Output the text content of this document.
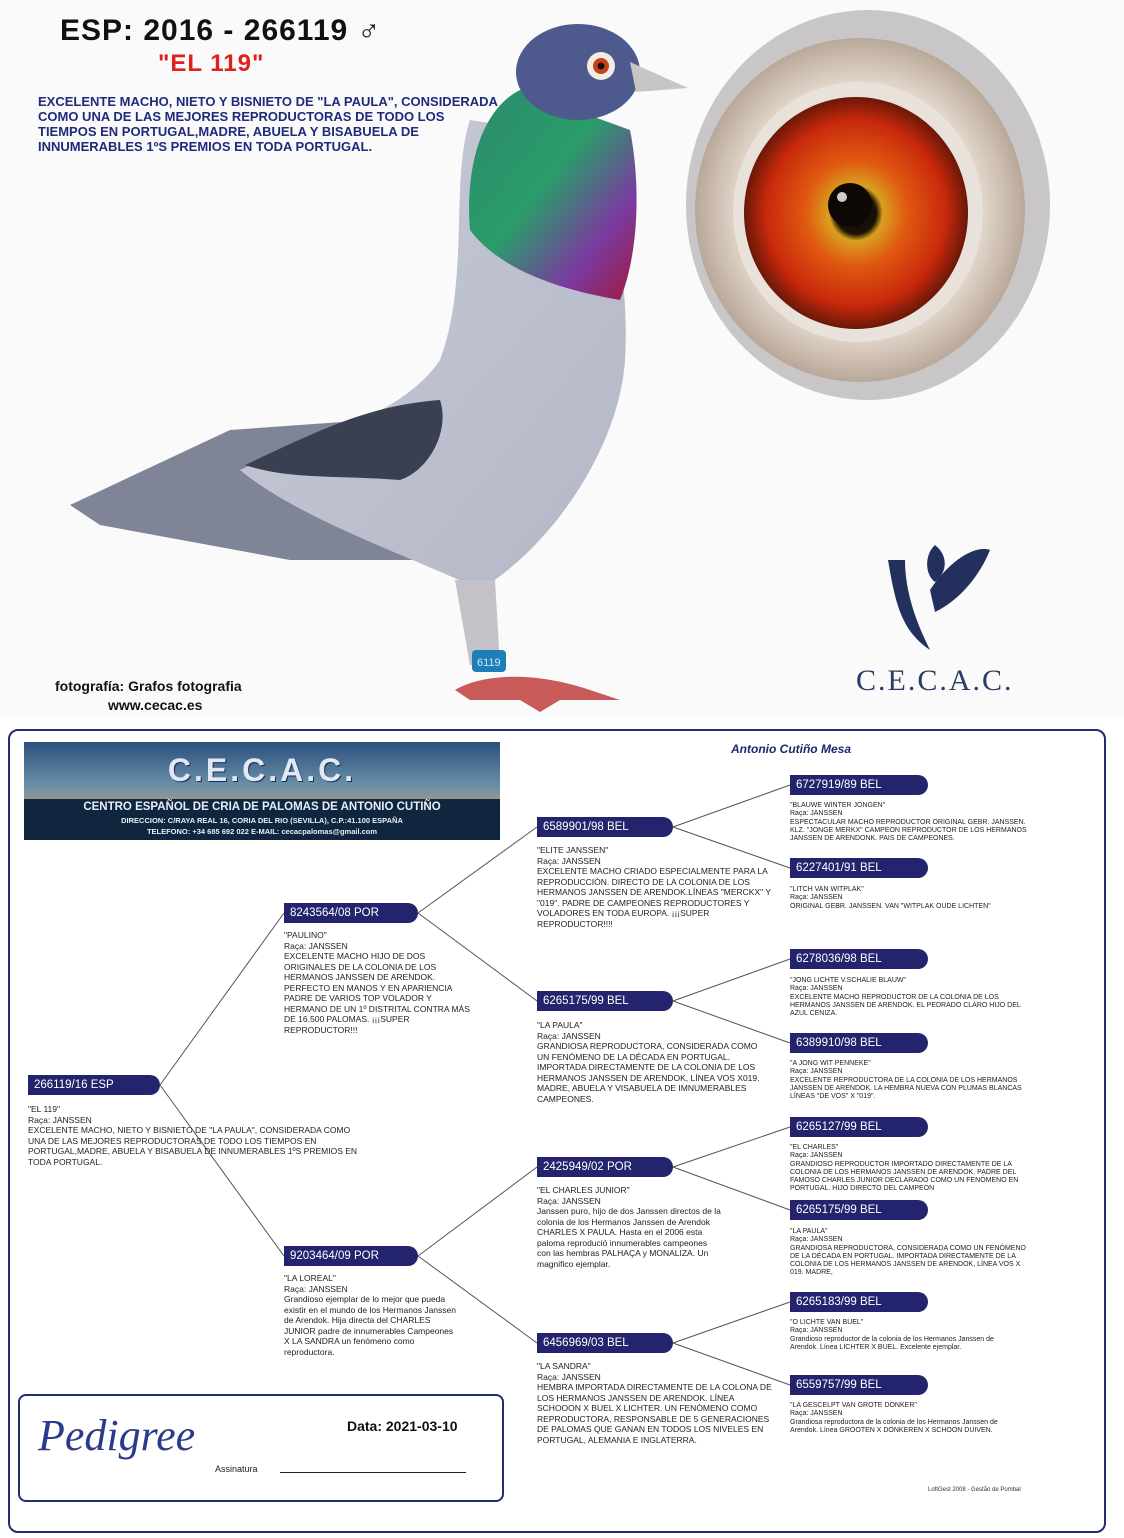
6119
ESP: 2016 - 266119 ♂
"EL 119"
EXCELENTE MACHO, NIETO Y BISNIETO DE "LA PAULA", CONSIDERADA COMO UNA DE LAS MEJORES REPRODUCTORAS DE TODO LOS TIEMPOS EN PORTUGAL,MADRE, ABUELA Y BISABUELA DE INNUMERABLES 1ºS PREMIOS EN TODA PORTUGAL.
fotografía: Grafos fotografia
www.cecac.es
C.E.C.A.C.
C.E.C.A.C.
CENTRO ESPAÑOL DE CRIA DE PALOMAS DE ANTONIO CUTIÑO
DIRECCION: C/RAYA REAL 16, CORIA DEL RIO (SEVILLA), C.P.:41.100 ESPAÑA
TELEFONO: +34 685 692 022 E-MAIL: cecacpalomas@gmail.com
Antonio Cutiño Mesa
266119/16 ESP
"EL 119"
Raça: JANSSEN
EXCELENTE MACHO, NIETO Y BISNIETO DE "LA PAULA", CONSIDERADA COMO UNA DE LAS MEJORES REPRODUCTORAS DE TODO LOS TIEMPOS EN PORTUGAL,MADRE, ABUELA Y BISABUELA DE INNUMERABLES 1ºS PREMIOS EN TODA PORTUGAL.
8243564/08 POR
"PAULINO"
Raça: JANSSEN
EXCELENTE MACHO HIJO DE DOS ORIGINALES DE LA COLONIA DE LOS HERMANOS JANSSEN DE ARENDOK. PERFECTO EN MANOS Y EN APARIENCIA PADRE DE VARIOS TOP VOLADOR Y HERMANO DE UN 1º DISTRITAL CONTRA MÁS DE 16.500 PALOMAS. ¡¡¡SUPER REPRODUCTOR!!!
9203464/09 POR
"LA LOREAL"
Raça: JANSSEN
Grandioso ejemplar de lo mejor que pueda existir en el mundo de los Hermanos Janssen de Arendok. Hija directa del CHARLES JUNIOR padre de innumerables Campeones X LA SANDRA un fenómeno como reproductora.
6589901/98 BEL
"ELITE JANSSEN"
Raça: JANSSEN
EXCELENTE MACHO CRIADO ESPECIALMENTE PARA LA REPRODUCCIÓN. DIRECTO DE LA COLONIA DE LOS HERMANOS JANSSEN DE ARENDOK.LÍNEAS "MERCKX" Y "019". PADRE DE CAMPEONES REPRODUCTORES Y VOLADORES EN TODA EUROPA. ¡¡¡SUPER REPRODUCTOR!!!!
6265175/99 BEL
"LA PAULA"
Raça: JANSSEN
GRANDIOSA REPRODUCTORA, CONSIDERADA COMO UN FENÓMENO DE LA DÉCADA EN PORTUGAL. IMPORTADA DIRECTAMENTE DE LA COLONIA DE LOS HERMANOS JANSSEN DE ARENDOK, LÍNEA VOS X019. MADRE, ABUELA Y VISABUELA DE IMNUMERABLES CAMPEONES.
2425949/02 POR
"EL CHARLES JUNIOR"
Raça: JANSSEN
Janssen puro, hijo de dos Janssen directos de la colonia de los Hermanos Janssen de Arendok CHARLES X PAULA. Hasta en el 2006 esta paloma reprodució innumerables campeones con las hembras PALHAÇA y MONALIZA. Un magnifico ejemplar.
6456969/03 BEL
"LA SANDRA"
Raça: JANSSEN
HEMBRA IMPORTADA DIRECTAMENTE DE LA COLONA DE LOS HERMANOS JANSSEN DE ARENDOK. LÍNEA SCHOOON X BUEL X LICHTER. UN FENÓMENO COMO REPRODUCTORA, RESPONSABLE DE 5 GENERACIONES DE PALOMAS QUE GANAN EN TODOS LOS NIVELES EN PORTUGAL, ALEMANIA E INGLATERRA.
6727919/89 BEL
"BLAUWE WINTER JONGEN"
Raça: JANSSEN
ESPECTACULAR MACHO REPRODUCTOR ORIGINAL GEBR. JANSSEN. KLZ. "JONGE MERKX" CAMPEON REPRODUCTOR DE LOS HERMANOS JANSSEN DE ARENDONK. PAIS DE CAMPEONES.
6227401/91 BEL
"LITCH VAN WITPLAK"
Raça: JANSSEN
ORIGINAL GEBR. JANSSEN. VAN "WITPLAK OUDE LICHTEN"
6278036/98 BEL
"JONG LICHTE V.SCHALIE BLAUW"
Raça: JANSSEN
EXCELENTE MACHO REPRODUCTOR DE LA COLONIA DE LOS HERMANOS JANSSEN DE ARENDOK. EL PEDRADO CLARO HIJO DEL AZUL CENIZA.
6389910/98 BEL
"A JONG WIT PENNEKE"
Raça: JANSSEN
EXCELENTE REPRODUCTORA DE LA COLONIA DE LOS HERMANOS JANSSEN DE ARENDOK. LA HEMBRA NUEVA CON PLUMAS BLANCAS LÍNEAS "DE VOS" X "019".
6265127/99 BEL
"EL CHARLES"
Raça: JANSSEN
GRANDIOSO REPRODUCTOR IMPORTADO DIRECTAMENTE DE LA COLONIA DE LOS HERMANOS JANSSEN DE ARENDOK. PADRE DEL FAMOSO CHARLES JUNIOR DECLARADO COMO UN FENÓMENO EN PORTUGAL. HIJO DIRECTO DEL CAMPEON
6265175/99 BEL
"LA PAULA"
Raça: JANSSEN
GRANDIOSA REPRODUCTORA, CONSIDERADA COMO UN FENÓMENO DE LA DÉCADA EN PORTUGAL. IMPORTADA DIRECTAMENTE DE LA COLONIA DE LOS HERMANOS JANSSEN DE ARENDOK, LÍNEA VOS X 019. MADRE,
6265183/99 BEL
"O LICHTE VAN BUEL"
Raça: JANSSEN
Grandioso reproductor de la colonia de los Hermanos Janssen de Arendok. Línea LICHTER X BUEL. Excelente ejemplar.
6559757/99 BEL
"LA GESCELPT VAN GROTE DONKER"
Raça: JANSSEN
Grandiosa reproductora de la colonia de los Hermanos Janssen de Arendok. Línea GROOTEN X DONKEREN X SCHOON DUIVEN.
Pedigree	Data: 2021-03-10
Assinatura
LoftGest 2008 - Gestão de Pombal
